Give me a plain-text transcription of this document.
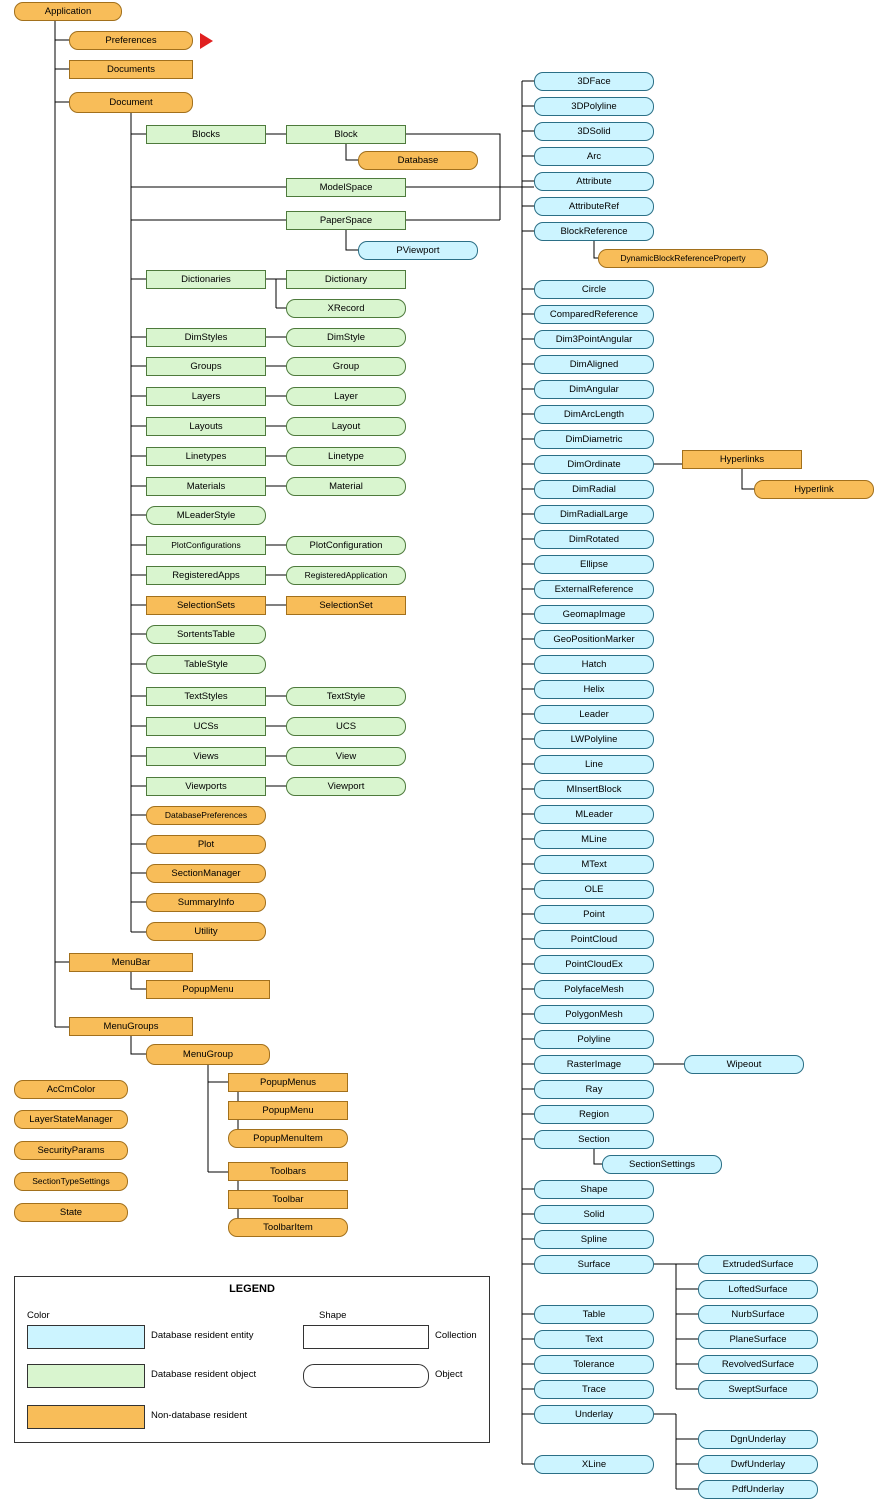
Application
Preferences
Documents
Document
Blocks	Block
Database
ModelSpace
PaperSpace
PViewport
Dictionaries	Dictionary
XRecord
DimStyles	DimStyle
Groups	Group
Layers	Layer
Layouts	Layout
Linetypes	Linetype
Materials	Material
MLeaderStyle
PlotConfigurations	PlotConfiguration
RegisteredApps	RegisteredApplication
SelectionSets	SelectionSet
SortentsTable
TableStyle
TextStyles	TextStyle
UCSs	UCS
Views	View
Viewports	Viewport
DatabasePreferences
Plot
SectionManager
SummaryInfo
Utility
MenuBar
PopupMenu
MenuGroups
MenuGroup
PopupMenus
PopupMenu
PopupMenuItem
Toolbars
Toolbar
ToolbarItem
AcCmColor
LayerStateManager
SecurityParams
SectionTypeSettings
State
3DFace
3DPolyline
3DSolid
Arc
Attribute
AttributeRef
BlockReference
DynamicBlockReferenceProperty
Circle
ComparedReference
Dim3PointAngular
DimAligned
DimAngular
DimArcLength
DimDiametric
DimOrdinate
DimRadial
DimRadialLarge
DimRotated
Ellipse
ExternalReference
GeomapImage
GeoPositionMarker
Hatch
Helix
Leader
LWPolyline
Line
MInsertBlock
MLeader
MLine
MText
OLE
Point
PointCloud
PointCloudEx
PolyfaceMesh
PolygonMesh
Polyline
RasterImage	Wipeout
Ray
Region
Section
SectionSettings
Shape
Solid
Spline
Surface	ExtrudedSurface
LoftedSurface
NurbSurface
PlaneSurface
RevolvedSurface
SweptSurface
Table
Text
Tolerance
Trace
Underlay
DgnUnderlay
DwfUnderlay
PdfUnderlay
XLine
Hyperlinks
Hyperlink
LEGEND
Color	Shape
Database resident entity
Database resident object
Non-database resident
Collection
Object
